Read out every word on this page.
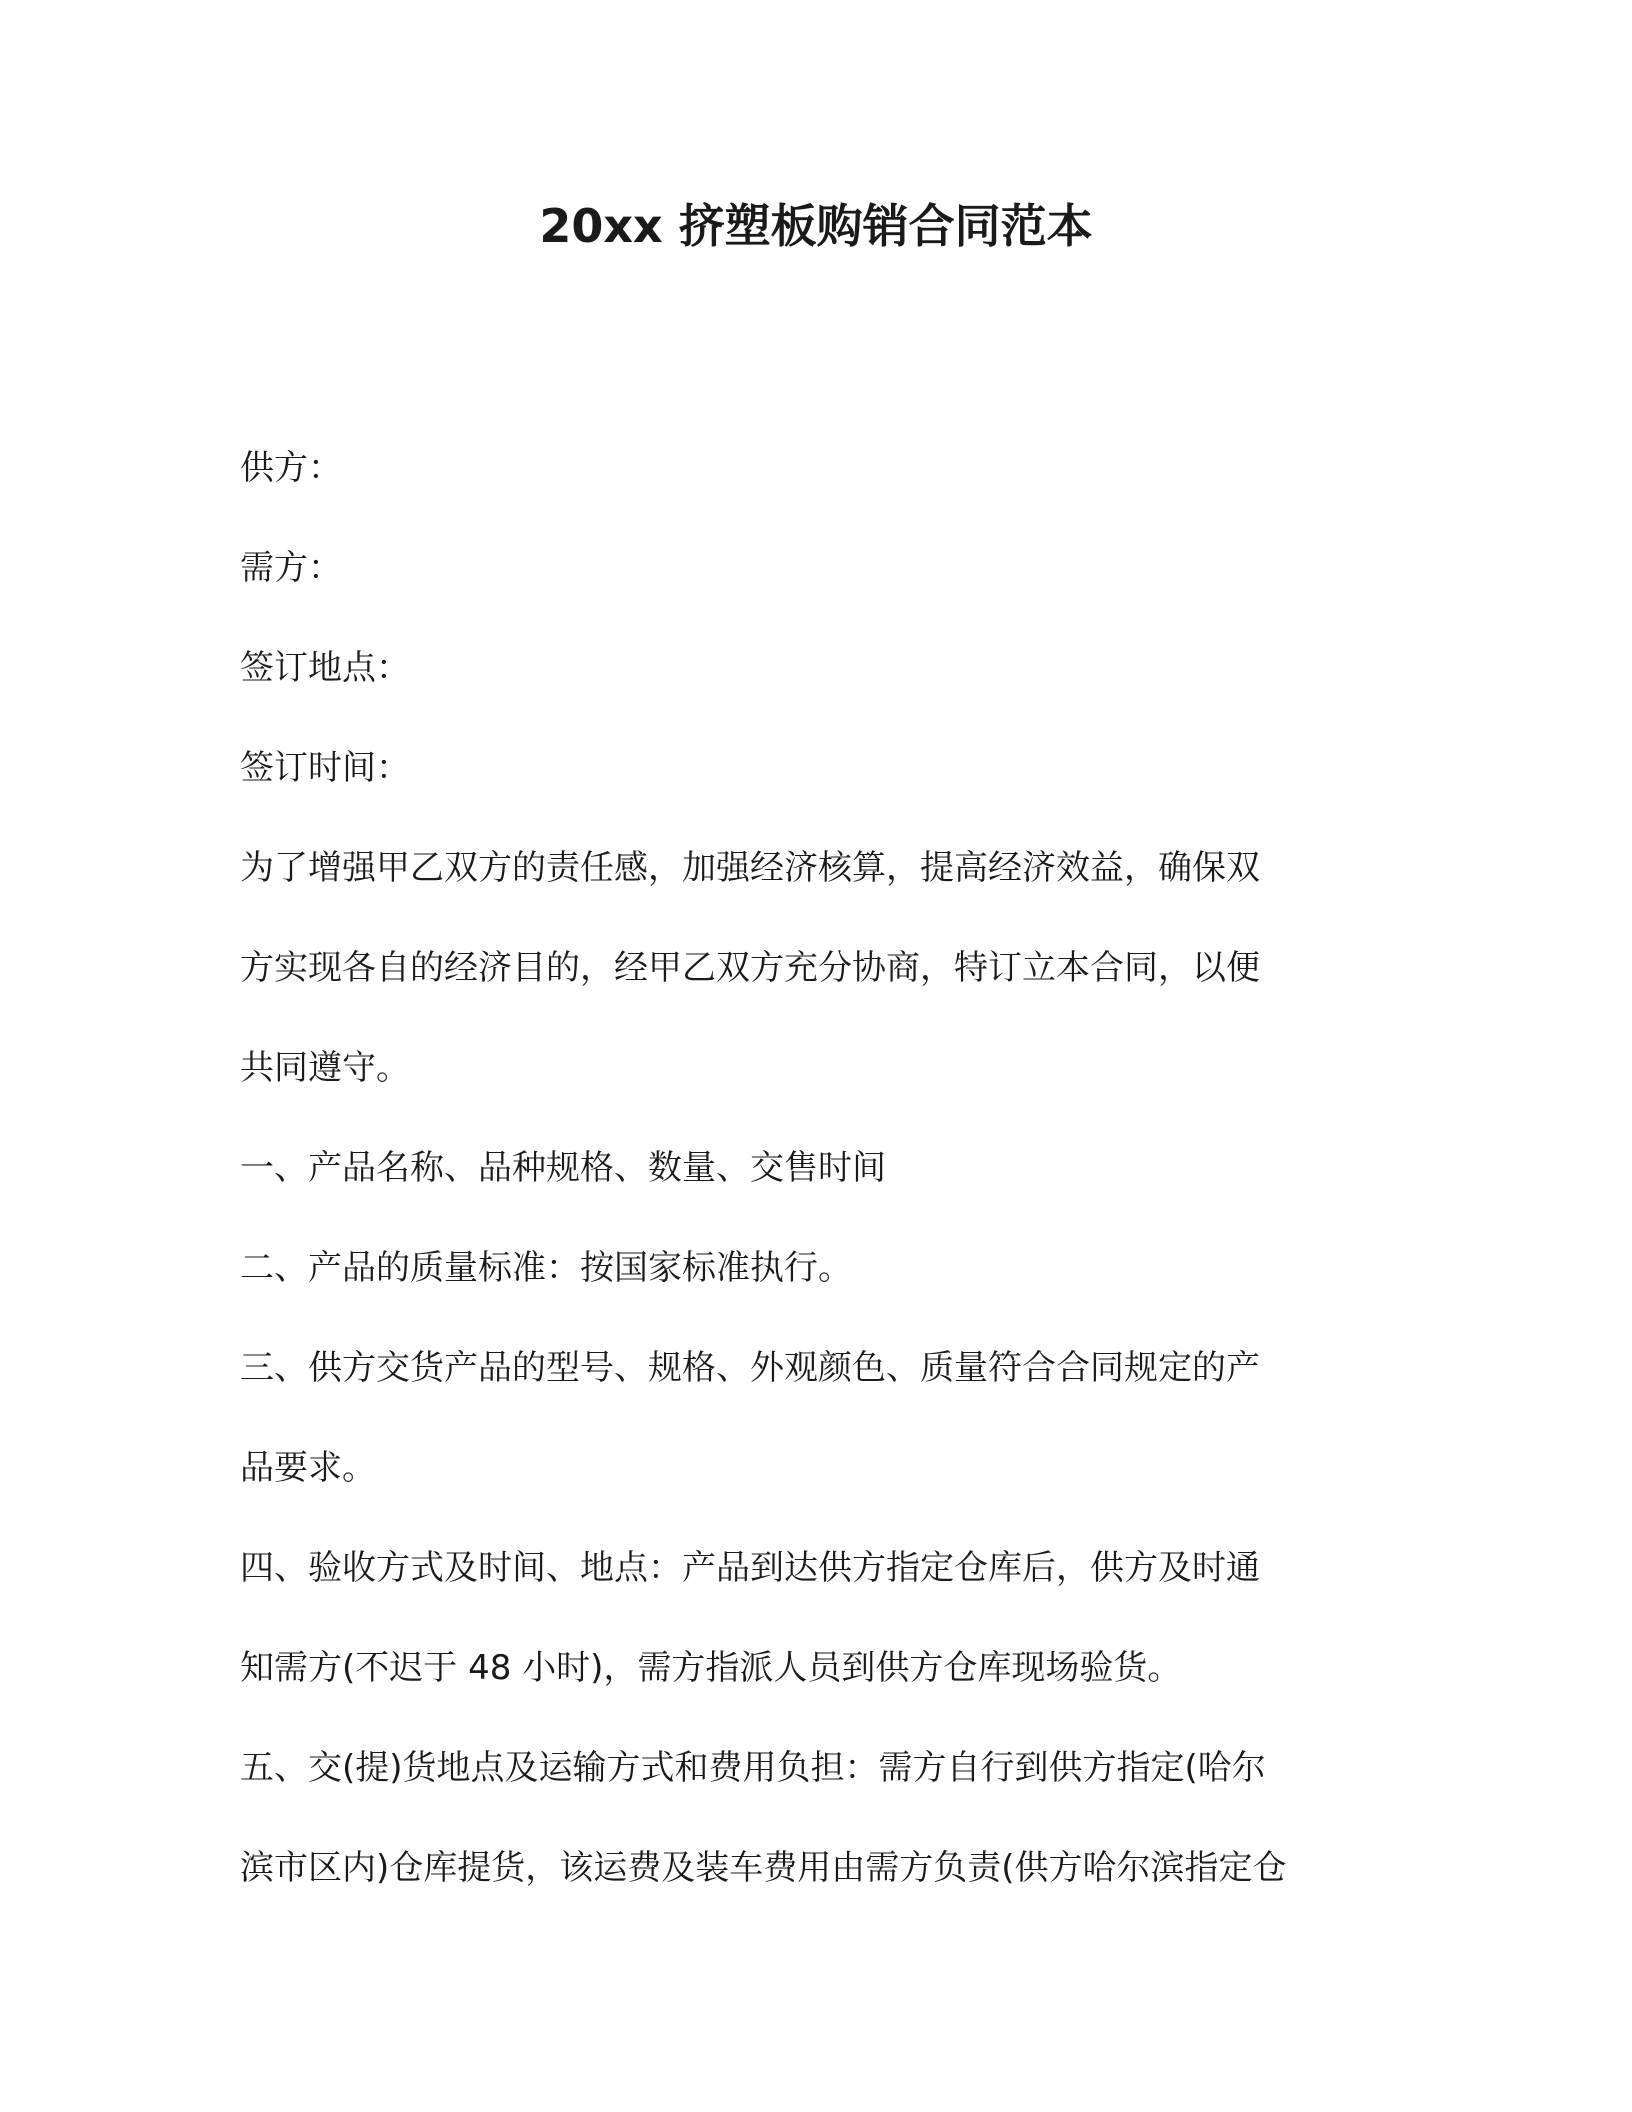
20xx 挤塑板购销合同范本
供方：
需方：
签订地点：
签订时间：
为了增强甲乙双方的责任感，加强经济核算，提高经济效益，确保双
方实现各自的经济目的，经甲乙双方充分协商，特订立本合同，以便
共同遵守。
一、产品名称、品种规格、数量、交售时间
二、产品的质量标准：按国家标准执行。
三、供方交货产品的型号、规格、外观颜色、质量符合合同规定的产
品要求。
四、验收方式及时间、地点：产品到达供方指定仓库后，供方及时通
知需方(不迟于 48 小时)，需方指派人员到供方仓库现场验货。
五、交(提)货地点及运输方式和费用负担：需方自行到供方指定(哈尔
滨市区内)仓库提货，该运费及装车费用由需方负责(供方哈尔滨指定仓
